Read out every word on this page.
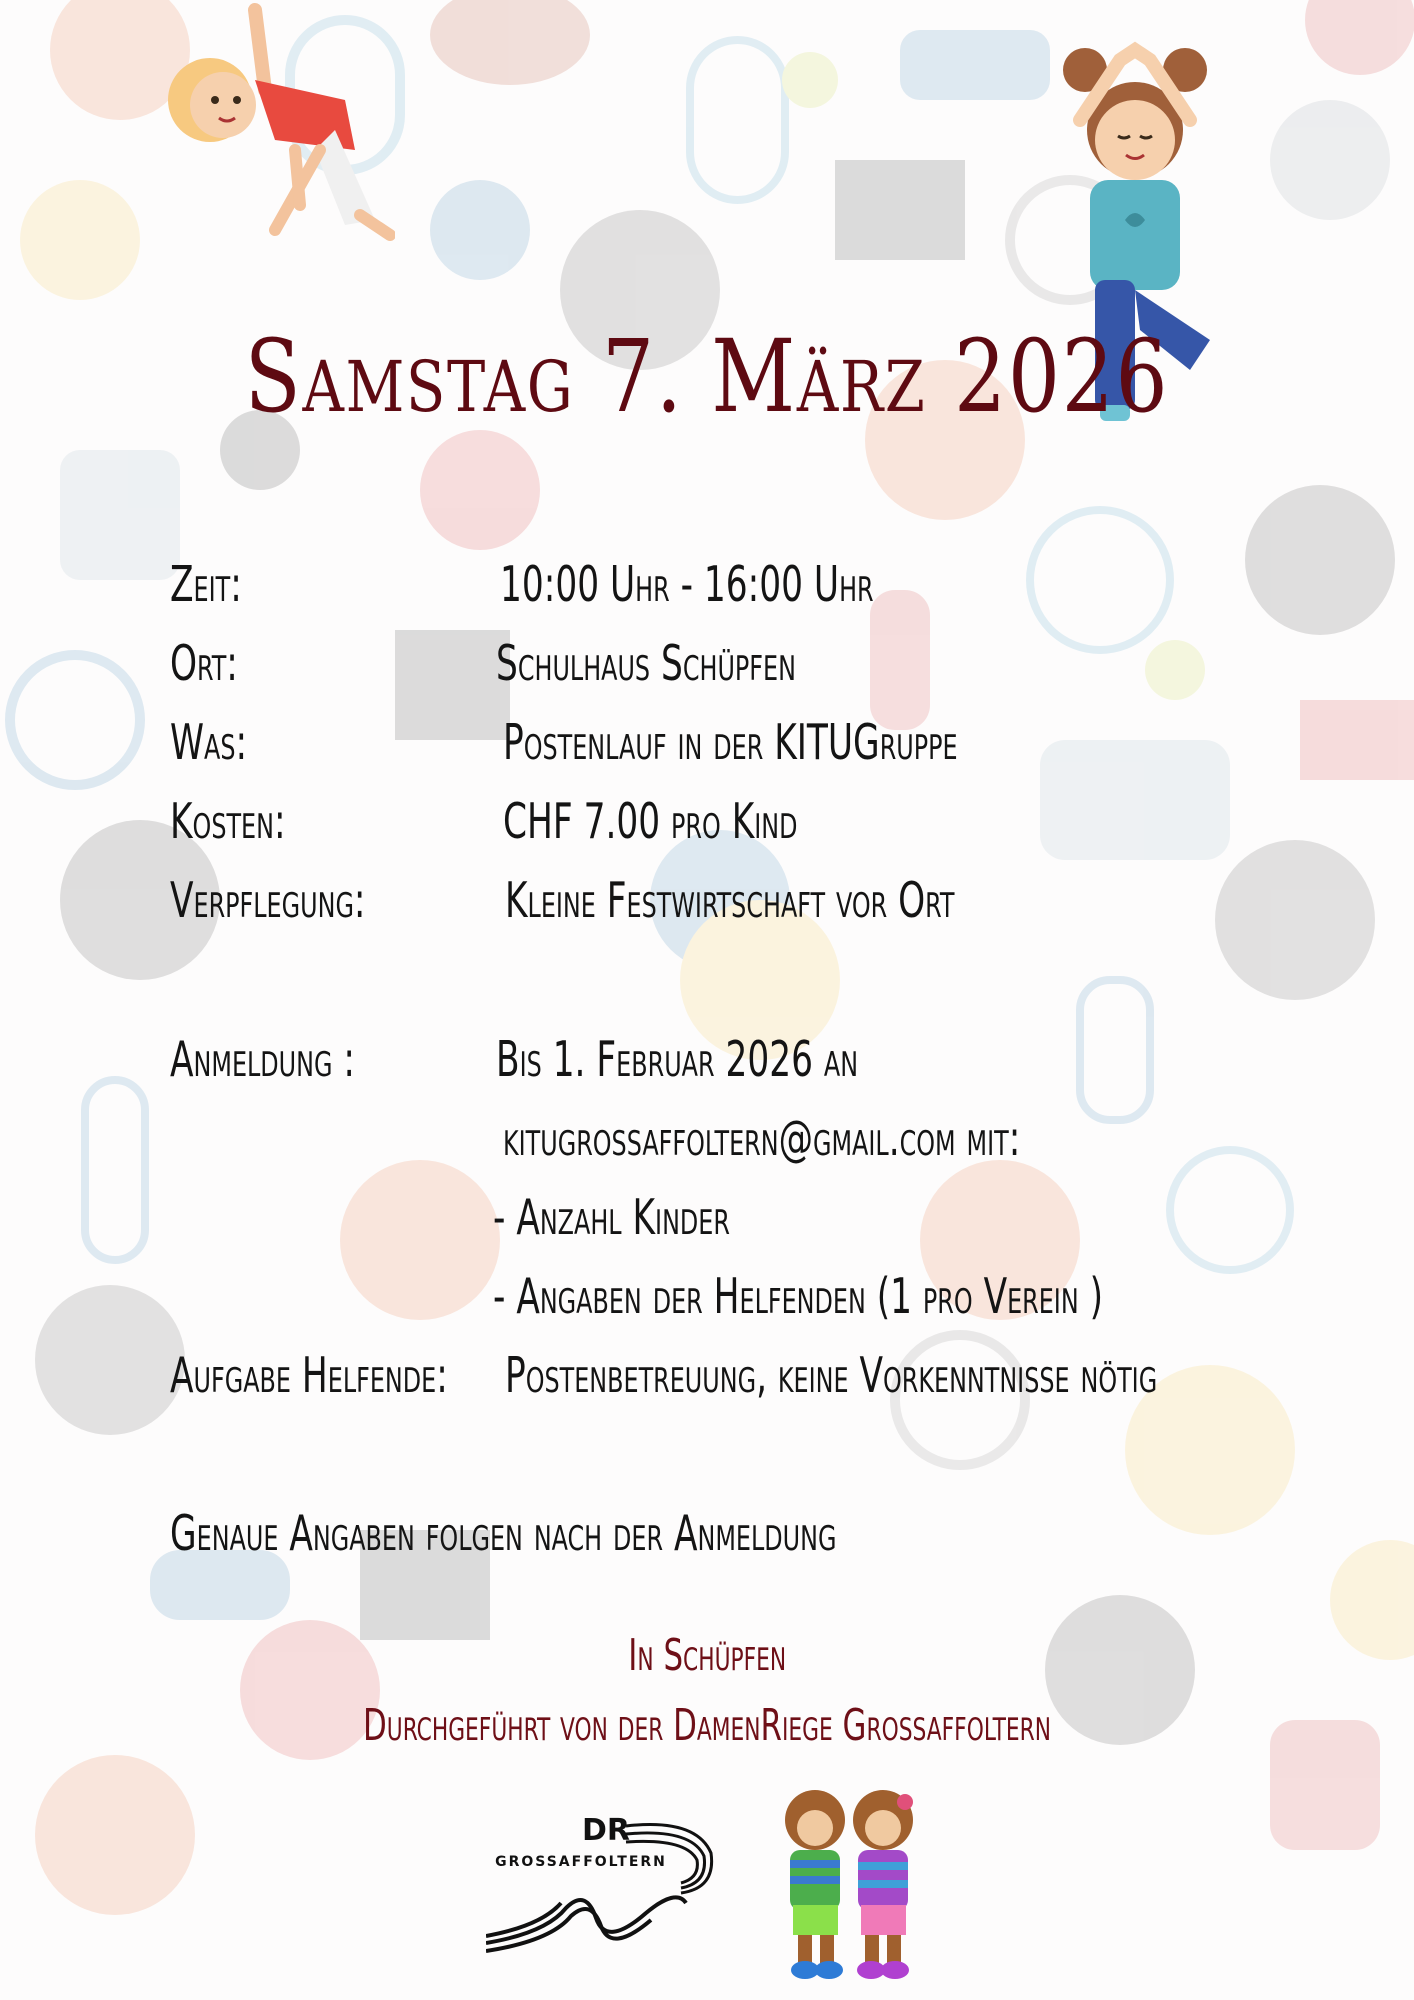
Samstag 7. März 2026
Zeit:	10:00 Uhr - 16:00 Uhr
Ort:	Schulhaus Schüpfen
Was:	Postenlauf in der KITUGruppe
Kosten:	CHF 7.00 pro Kind
Verpflegung:	Kleine Festwirtschaft vor Ort
Anmeldung :	Bis 1. Februar 2026 an
kitugrossaffoltern@gmail.com mit:
- Anzahl Kinder
- Angaben der Helfenden (1 pro Verein )
Aufgabe Helfende:	Postenbetreuung, keine Vorkenntnisse nötig
Genaue Angaben folgen nach der Anmeldung
In Schüpfen
Durchgeführt von der DamenRiege Grossaffoltern
DR
GROSSAFFOLTERN
